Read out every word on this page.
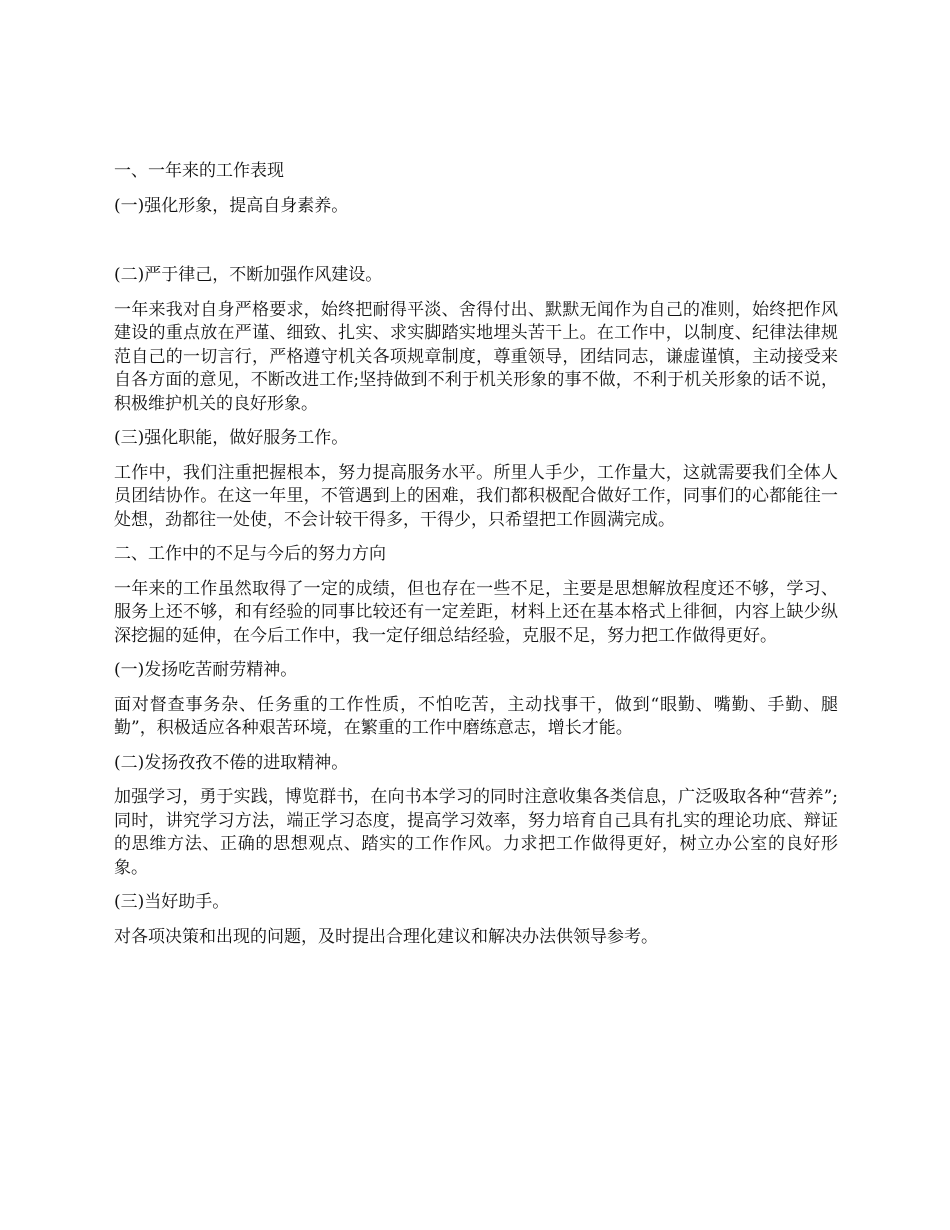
一、一年来的工作表现

(一)强化形象，提高自身素养。

(二)严于律己，不断加强作风建设。

一年来我对自身严格要求，始终把耐得平淡、舍得付出、默默无闻作为自己的准则，始终把作风建设的重点放在严谨、细致、扎实、求实脚踏实地埋头苦干上。在工作中，以制度、纪律法律规范自己的一切言行，严格遵守机关各项规章制度，尊重领导，团结同志，谦虚谨慎，主动接受来自各方面的意见，不断改进工作;坚持做到不利于机关形象的事不做，不利于机关形象的话不说，积极维护机关的良好形象。

(三)强化职能，做好服务工作。

工作中，我们注重把握根本，努力提高服务水平。所里人手少，工作量大，这就需要我们全体人员团结协作。在这一年里，不管遇到上的困难，我们都积极配合做好工作，同事们的心都能往一处想，劲都往一处使，不会计较干得多，干得少，只希望把工作圆满完成。

二、工作中的不足与今后的努力方向

一年来的工作虽然取得了一定的成绩，但也存在一些不足，主要是思想解放程度还不够，学习、服务上还不够，和有经验的同事比较还有一定差距，材料上还在基本格式上徘徊，内容上缺少纵深挖掘的延伸，在今后工作中，我一定仔细总结经验，克服不足，努力把工作做得更好。

(一)发扬吃苦耐劳精神。

面对督查事务杂、任务重的工作性质，不怕吃苦，主动找事干，做到“眼勤、嘴勤、手勤、腿勤”，积极适应各种艰苦环境，在繁重的工作中磨练意志，增长才能。

(二)发扬孜孜不倦的进取精神。

加强学习，勇于实践，博览群书，在向书本学习的同时注意收集各类信息，广泛吸取各种“营养”;同时，讲究学习方法，端正学习态度，提高学习效率，努力培育自己具有扎实的理论功底、辩证的思维方法、正确的思想观点、踏实的工作作风。力求把工作做得更好，树立办公室的良好形象。

(三)当好助手。

对各项决策和出现的问题，及时提出合理化建议和解决办法供领导参考。
